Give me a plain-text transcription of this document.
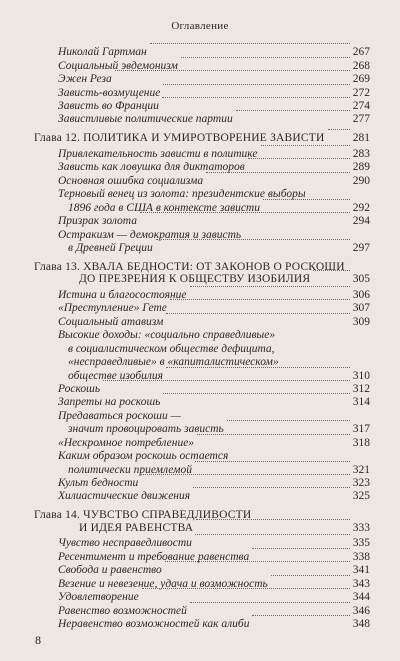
Оглавление
Николай Гартман	267
Социальный эвдемонизм	268
Эжен Реза	269
Зависть-возмущение	272
Зависть во Франции	274
Завистливые политические партии	277
Глава 12. ПОЛИТИКА И УМИРОТВОРЕНИЕ ЗАВИСТИ 281
Привлекательность зависти в политике	283
Зависть как ловушка для диктаторов	289
Основная ошибка социализма	290
Терновый венец из золота: президентские выборы
1896 года в США в контексте зависти	292
Призрак золота	294
Остракизм — демократия и зависть
в Древней Греции	297
Глава 13. ХВАЛА БЕДНОСТИ: ОТ ЗАКОНОВ О РОСКОШИ
ДО ПРЕЗРЕНИЯ К ОБЩЕСТВУ ИЗОБИЛИЯ	305
Истина и благосостояние	306
«Преступление» Гете	307
Социальный атавизм	309
Высокие доходы: «социально справедливые»
в социалистическом обществе дефицита,
«несправедливые» в «капиталистическом»
обществе изобилия	310
Роскошь	312
Запреты на роскошь	314
Предаваться роскоши —
значит провоцировать зависть	317
«Нескромное потребление»	318
Каким образом роскошь остается
политически приемлемой	321
Культ бедности	323
Хилиастические движения	325
Глава 14. ЧУВСТВО СПРАВЕДЛИВОСТИ
И ИДЕЯ РАВЕНСТВА	333
Чувство несправедливости	335
Ресентимент и требование равенства	338
Свобода и равенство	341
Везение и невезение, удача и возможность	343
Удовлетворение	344
Равенство возможностей	346
Неравенство возможностей как алиби	348
8
